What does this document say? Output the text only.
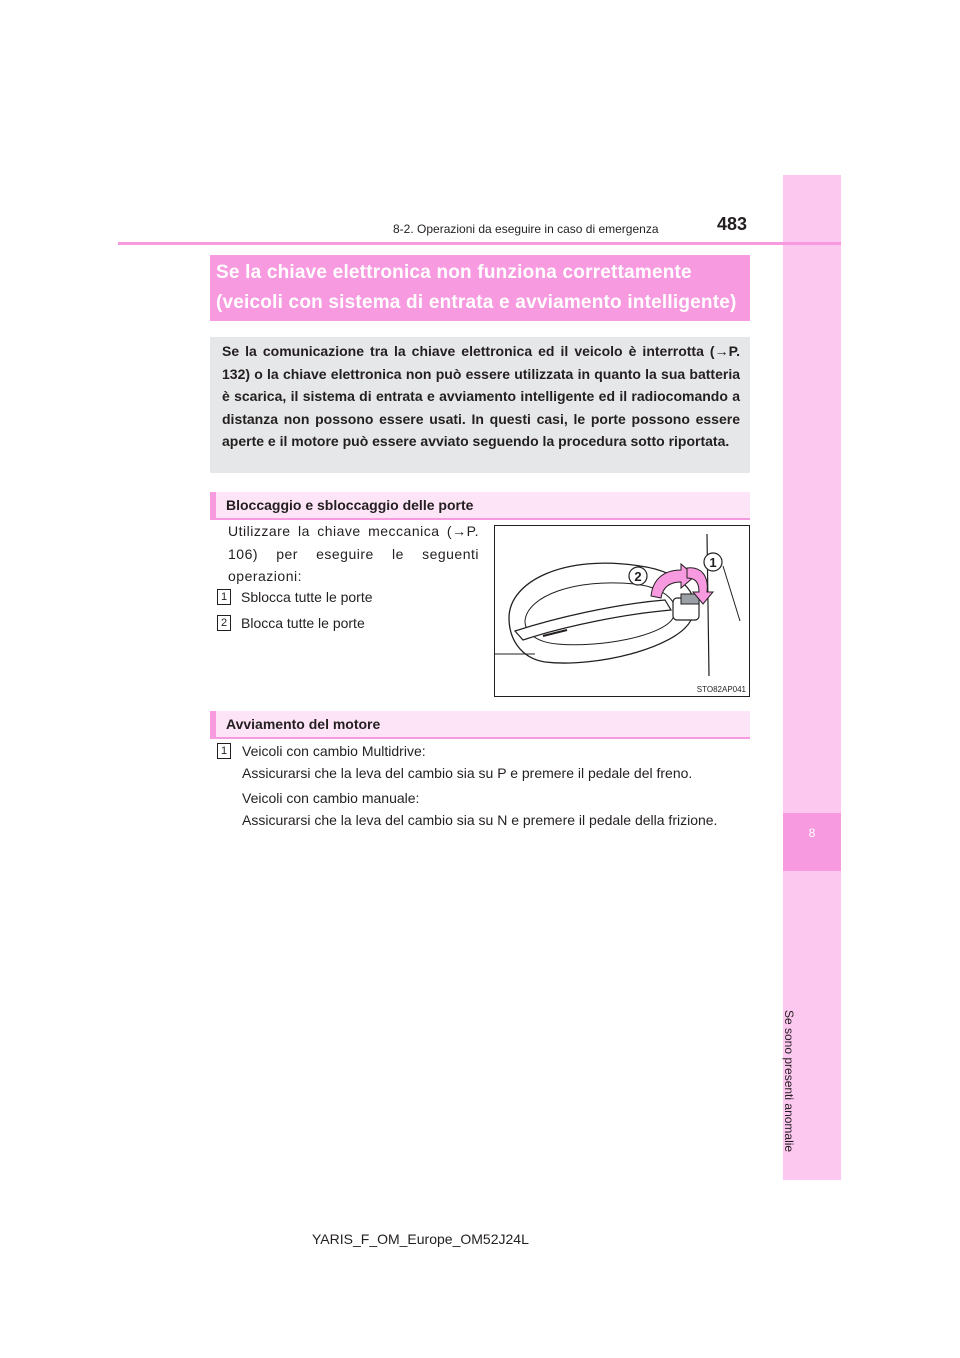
8
Se sono presenti anomalie
8-2. Operazioni da eseguire in caso di emergenza	483
Se la chiave elettronica non funziona correttamente
(veicoli con sistema di entrata e avviamento intelligente)
Se la comunicazione tra la chiave elettronica ed il veicolo è interrotta (→P. 132) o la chiave elettronica non può essere utilizzata in quanto la sua batteria è scarica, il sistema di entrata e avviamento intelligente ed il radiocomando a distanza non possono essere usati. In questi casi, le porte possono essere aperte e il motore può essere avviato seguendo la procedura sotto riportata.
Bloccaggio e sbloccaggio delle porte
Utilizzare la chiave meccanica (→P. 106) per eseguire le seguenti operazioni:
1 Sblocca tutte le porte
2 Blocca tutte le porte
1
2
STO82AP041
Avviamento del motore
1 Veicoli con cambio Multidrive:
Assicurarsi che la leva del cambio sia su P e premere il pedale del freno.
Veicoli con cambio manuale:
Assicurarsi che la leva del cambio sia su N e premere il pedale della frizione.
YARIS_F_OM_Europe_OM52J24L
